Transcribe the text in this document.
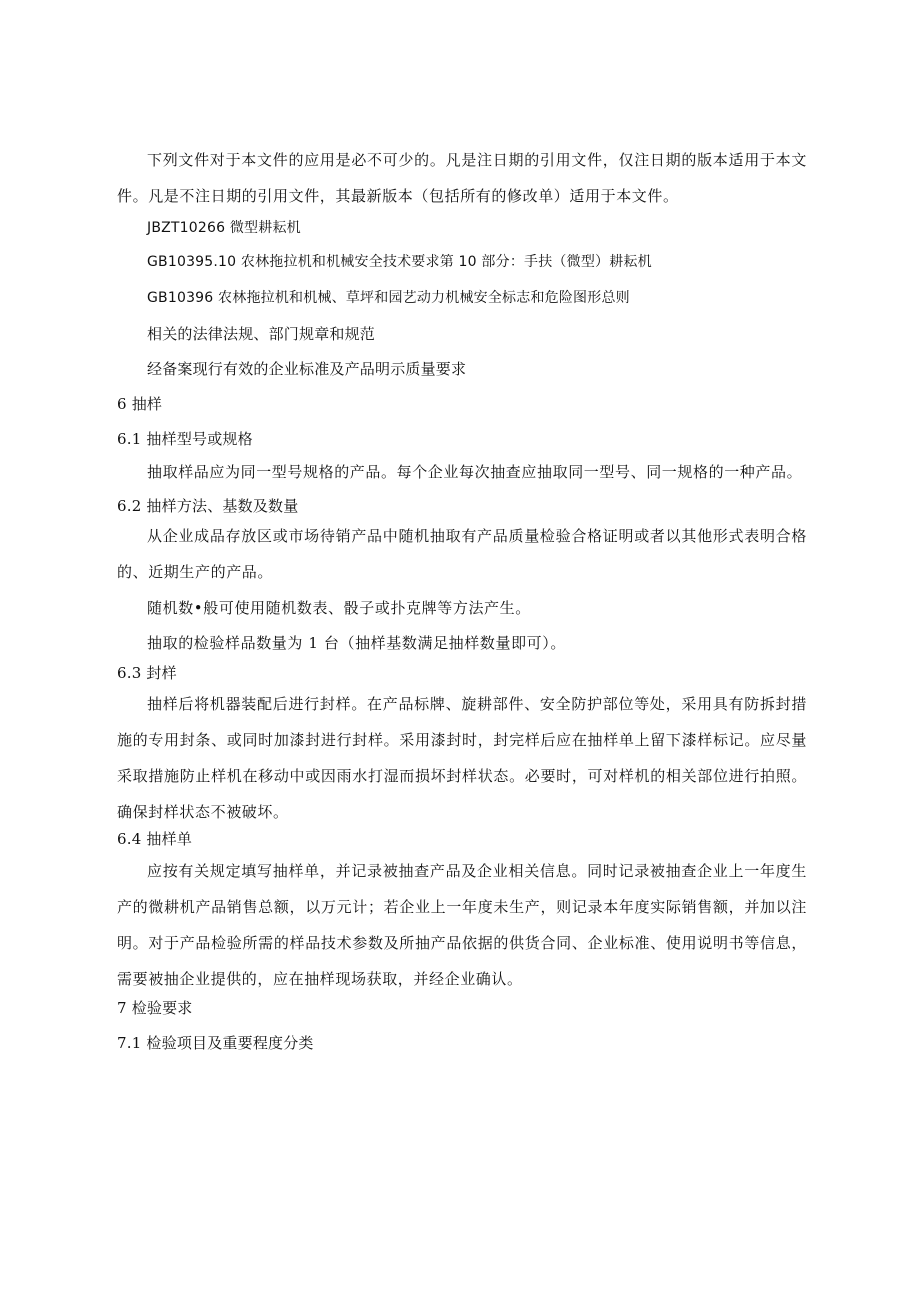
下列文件对于本文件的应用是必不可少的。凡是注日期的引用文件，仅注日期的版本适用于本文件。凡是不注日期的引用文件，其最新版本（包括所有的修改单）适用于本文件。
JBZT10266 微型耕耘机
GB10395.10 农林拖拉机和机械安全技术要求第 10 部分：手扶（微型）耕耘机
GB10396 农林拖拉机和机械、草坪和园艺动力机械安全标志和危险图形总则
相关的法律法规、部门规章和规范
经备案现行有效的企业标准及产品明示质量要求
6 抽样
6.1 抽样型号或规格
抽取样品应为同一型号规格的产品。每个企业每次抽查应抽取同一型号、同一规格的一种产品。
6.2 抽样方法、基数及数量
从企业成品存放区或市场待销产品中随机抽取有产品质量检验合格证明或者以其他形式表明合格的、近期生产的产品。
随机数•般可使用随机数表、骰子或扑克牌等方法产生。
抽取的检验样品数量为 1 台（抽样基数满足抽样数量即可）。
6.3 封样
抽样后将机器装配后进行封样。在产品标牌、旋耕部件、安全防护部位等处，采用具有防拆封措施的专用封条、或同时加漆封进行封样。采用漆封时，封完样后应在抽样单上留下漆样标记。应尽量采取措施防止样机在移动中或因雨水打湿而损坏封样状态。必要时，可对样机的相关部位进行拍照。确保封样状态不被破坏。
6.4 抽样单
应按有关规定填写抽样单，并记录被抽查产品及企业相关信息。同时记录被抽查企业上一年度生产的微耕机产品销售总额，以万元计；若企业上一年度未生产，则记录本年度实际销售额，并加以注明。对于产品检验所需的样品技术参数及所抽产品依据的供货合同、企业标准、使用说明书等信息，需要被抽企业提供的，应在抽样现场获取，并经企业确认。
7 检验要求
7.1 检验项目及重要程度分类
